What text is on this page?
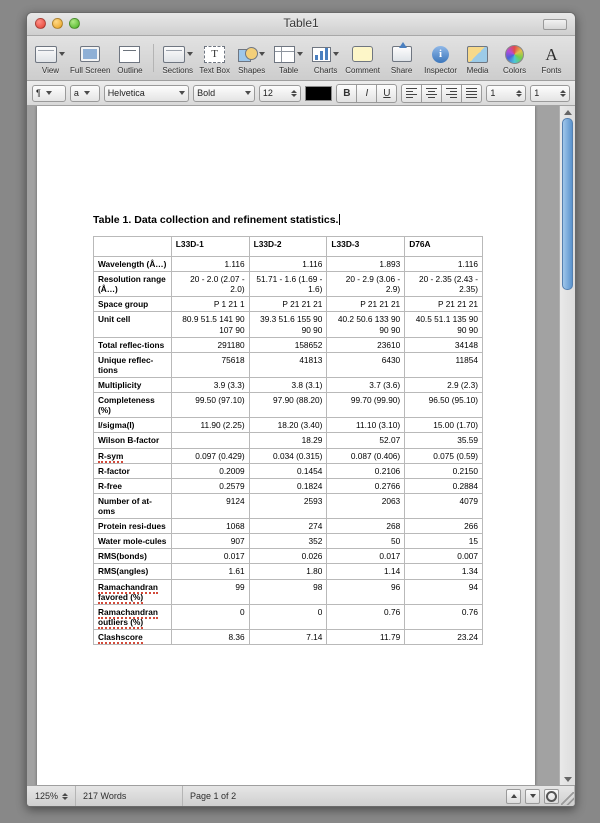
Table1
View Full Screen Outline Sections
T
Text Box Shapes Table Charts Comment Share
i
Inspector Media Colors
A
Fonts
¶	a	Helvetica	Bold	12	B	I	U	1	1
Table 1. Data collection and refinement statistics.
	L33D-1	L33D-2	L33D-3	D76A
Wavelength (Å…)	1.116	1.116	1.893	1.116
Resolution range (Å…)	20 - 2.0 (2.07 - 2.0)	51.71 - 1.6 (1.69 - 1.6)	20 - 2.9 (3.06 - 2.9)	20 - 2.35 (2.43 - 2.35)
Space group	P 1 21 1	P 21 21 21	P 21 21 21	P 21 21 21
Unit cell	80.9 51.5 141 90 107 90	39.3 51.6 155 90 90 90	40.2 50.6 133 90 90 90	40.5 51.1 135 90 90 90
Total reflec-tions	291180	158652	23610	34148
Unique reflec-tions	75618	41813	6430	11854
Multiplicity	3.9 (3.3)	3.8 (3.1)	3.7 (3.6)	2.9 (2.3)
Completeness (%)	99.50 (97.10)	97.90 (88.20)	99.70 (99.90)	96.50 (95.10)
I/sigma(I)	11.90 (2.25)	18.20 (3.40)	11.10 (3.10)	15.00 (1.70)
Wilson B-factor		18.29	52.07	35.59
R-sym	0.097 (0.429)	0.034 (0.315)	0.087 (0.406)	0.075 (0.59)
R-factor	0.2009	0.1454	0.2106	0.2150
R-free	0.2579	0.1824	0.2766	0.2884
Number of at-oms	9124	2593	2063	4079
Protein resi-dues	1068	274	268	266
Water mole-cules	907	352	50	15
RMS(bonds)	0.017	0.026	0.017	0.007
RMS(angles)	1.61	1.80	1.14	1.34
Ramachandran favored (%)	99	98	96	94
Ramachandran outliers (%)	0	0	0.76	0.76
Clashscore	8.36	7.14	11.79	23.24
125%	217 Words	Page 1 of 2
